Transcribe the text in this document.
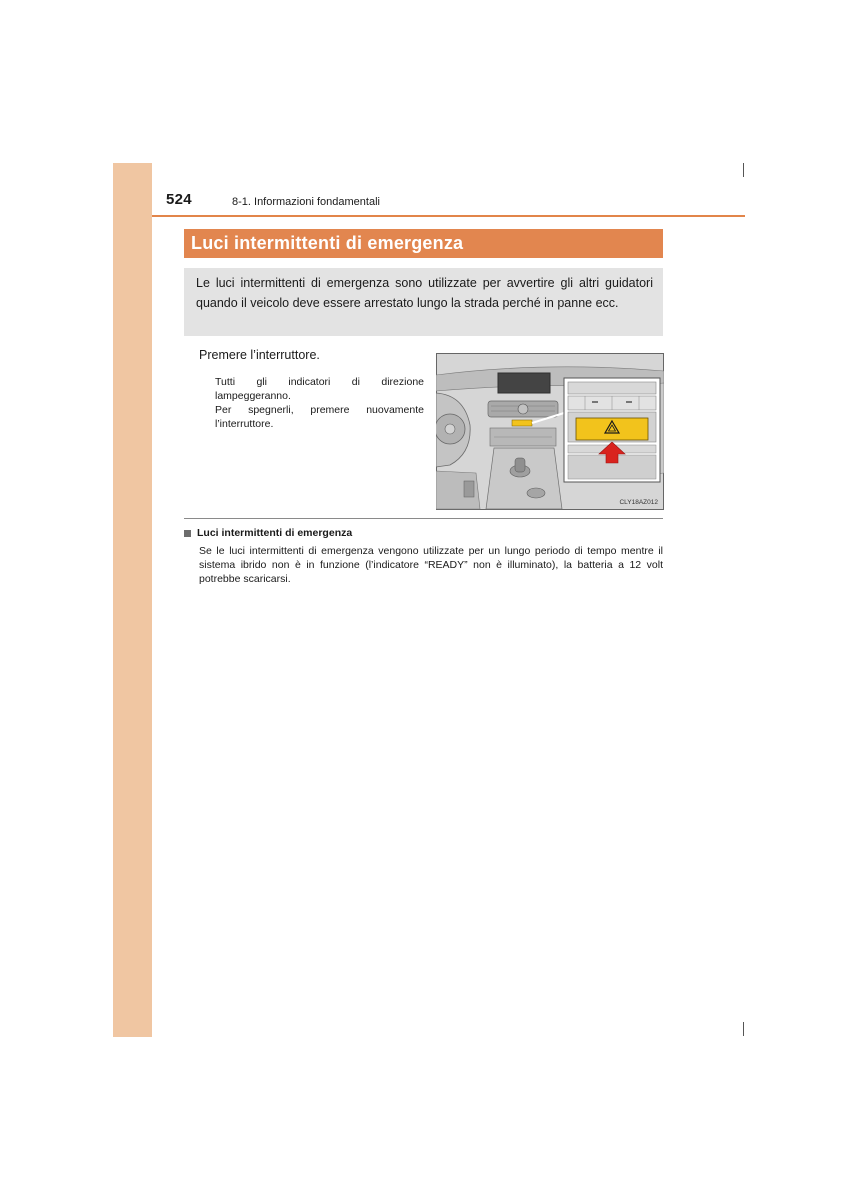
524	8-1. Informazioni fondamentali
Luci intermittenti di emergenza
Le luci intermittenti di emergenza sono utilizzate per avvertire gli altri guidatori quando il veicolo deve essere arrestato lungo la strada perché in panne ecc.
Premere l’interruttore.

Tutti gli indicatori di direzione lampeggeranno.

Per spegnerli, premere nuovamente l’interruttore.

CLY18AZ012
Luci intermittenti di emergenza
Se le luci intermittenti di emergenza vengono utilizzate per un lungo periodo di tempo mentre il sistema ibrido non è in funzione (l’indicatore “READY” non è illuminato), la batteria a 12 volt potrebbe scaricarsi.
